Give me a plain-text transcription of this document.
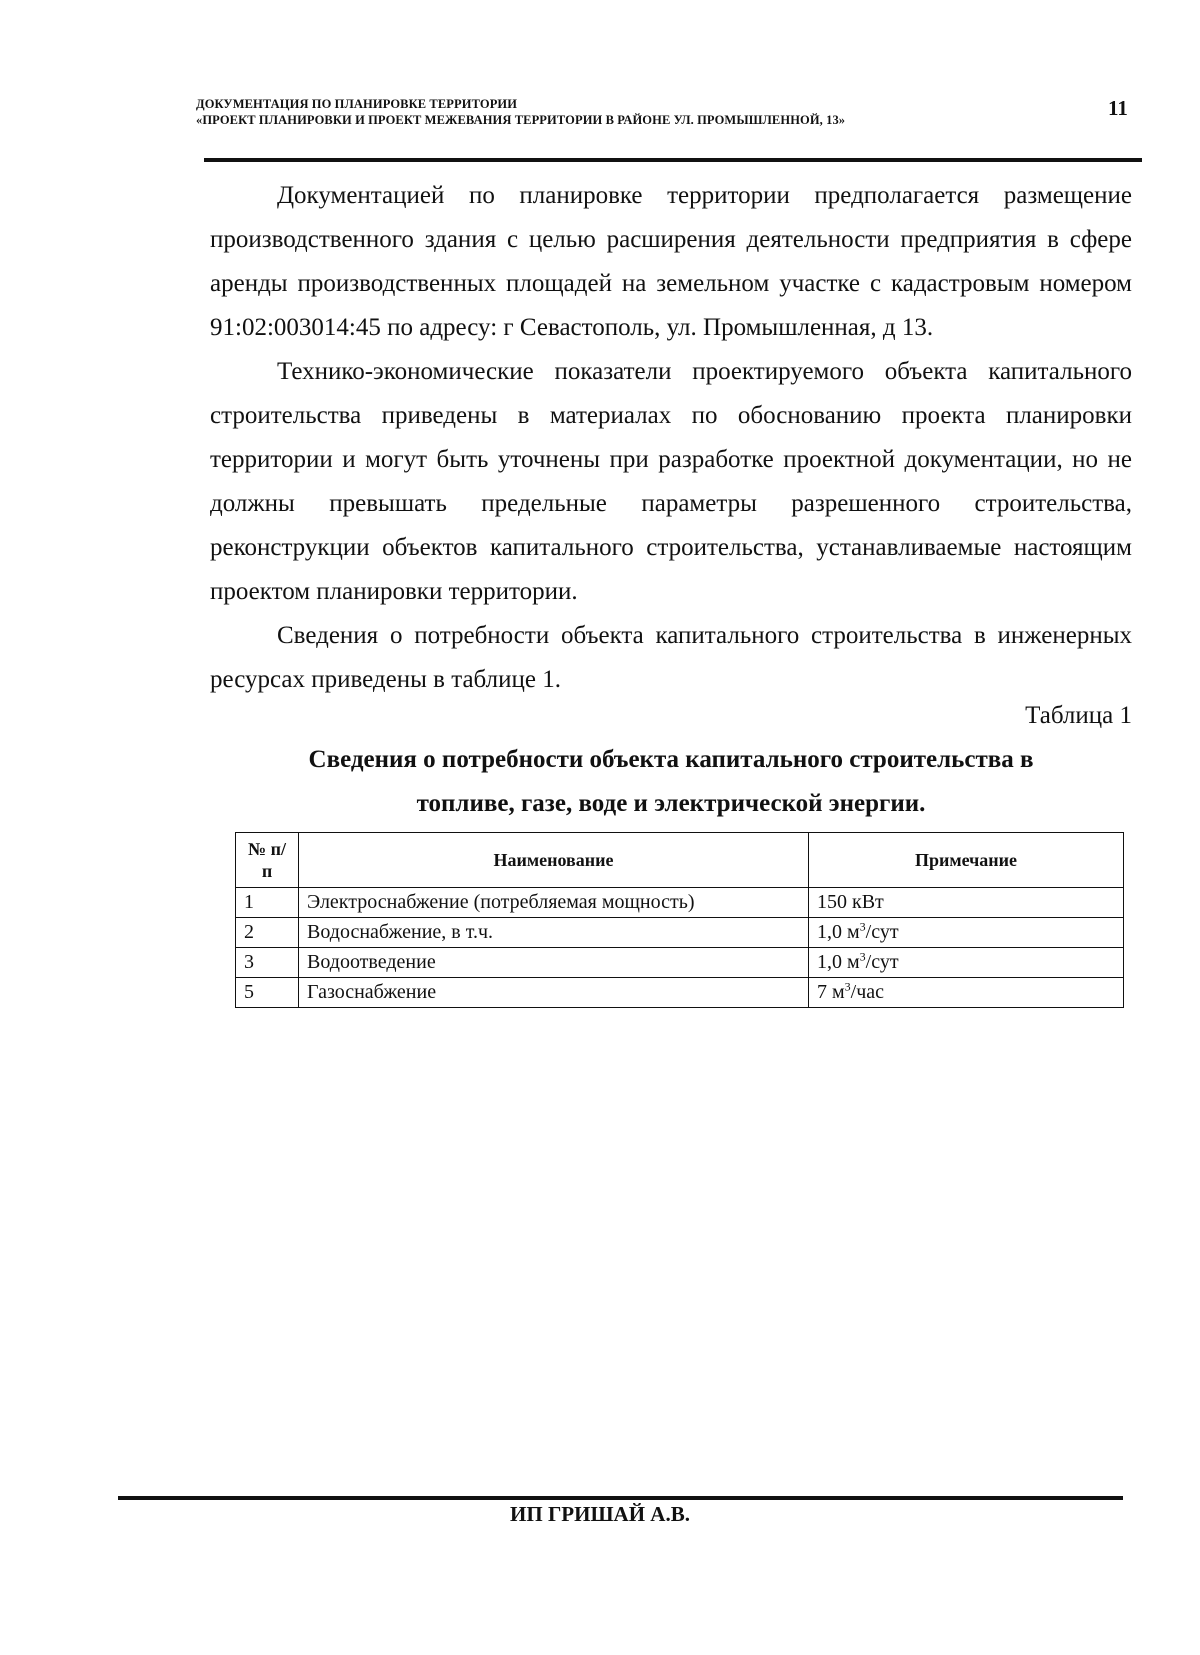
ДОКУМЕНТАЦИЯ ПО ПЛАНИРОВКЕ ТЕРРИТОРИИ
«ПРОЕКТ ПЛАНИРОВКИ И ПРОЕКТ МЕЖЕВАНИЯ ТЕРРИТОРИИ В РАЙОНЕ УЛ. ПРОМЫШЛЕННОЙ, 13»	11

Документацией по планировке территории предполагается размещение производственного здания с целью расширения деятельности предприятия в сфере аренды производственных площадей на земельном участке с кадастровым номером 91:02:003014:45 по адресу: г Севастополь, ул. Промышленная, д 13.

Технико-экономические показатели проектируемого объекта капитального строительства приведены в материалах по обоснованию проекта планировки территории и могут быть уточнены при разработке проектной документации, но не должны превышать предельные параметры разрешенного строительства, реконструкции объектов капитального строительства, устанавливаемые настоящим проектом планировки территории.

Сведения о потребности объекта капитального строительства в инженерных ресурсах приведены в таблице 1.

Таблица 1
Сведения о потребности объекта капитального строительства в
топливе, газе, воде и электрической энергии.
№ п/п	Наименование	Примечание
1	Электроснабжение (потребляемая мощность)	150 кВт
2	Водоснабжение, в т.ч.	1,0 $м^3$/сут
3	Водоотведение	1,0 $м^3$/сут
5	Газоснабжение	7 $м^3$/час
ИП ГРИШАЙ А.В.
